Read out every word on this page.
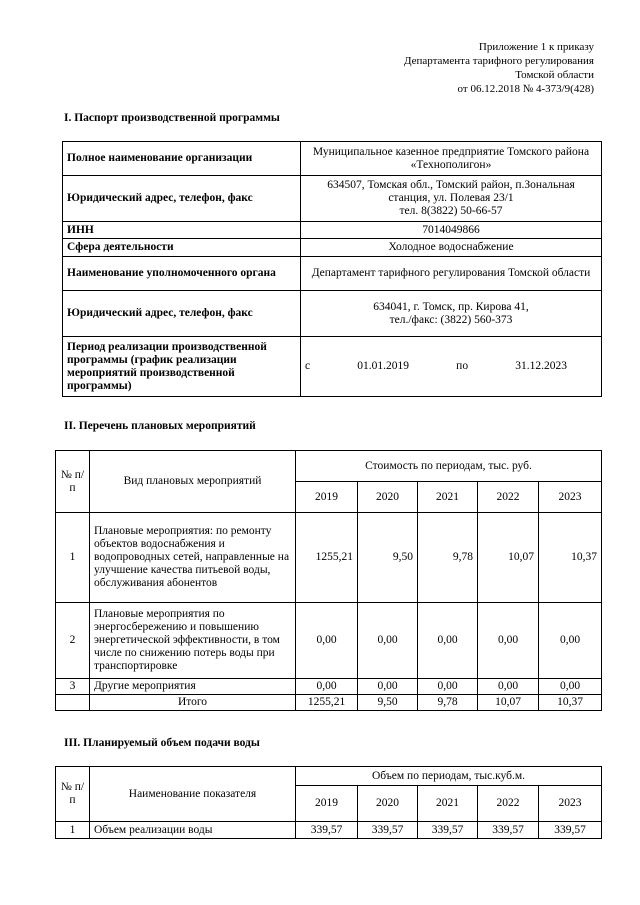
Приложение 1 к приказу
Департамента тарифного регулирования
Томской области
от 06.12.2018 № 4-373/9(428)
I. Паспорт производственной программы
Полное наименование организации	Муниципальное казенное предприятие Томского района «Технополигон»
Юридический адрес, телефон, факс	634507, Томская обл., Томский район, п.Зональная станция, ул. Полевая 23/1
тел. 8(3822) 50-66-57

ИНН	7014049866
Сфера деятельности	Холодное водоснабжение
Наименование уполномоченного органа	Департамент тарифного регулирования Томской области
Юридический адрес, телефон, факс	634041, г. Томск, пр. Кирова 41,
тел./факс: (3822) 560-373

Период реализации производственной программы (график реализации мероприятий производственной программы)	с 01.01.2019 по 31.12.2023
II. Перечень плановых мероприятий
№ п/п	Вид плановых мероприятий	Стоимость по периодам, тыс. руб.				
		2019	2020	2021	2022	2023
1	Плановые мероприятия: по ремонту объектов водоснабжения и водопроводных сетей, направленные на улучшение качества питьевой воды, обслуживания абонентов	1255,21	9,50	9,78	10,07	10,37
2	Плановые мероприятия по энергосбережению и повышению энергетической эффективности, в том числе по снижению потерь воды при транспортировке	0,00	0,00	0,00	0,00	0,00
3	Другие мероприятия	0,00	0,00	0,00	0,00	0,00
	Итого	1255,21	9,50	9,78	10,07	10,37
III. Планируемый объем подачи воды
№ п/п	Наименование показателя	Объем по периодам, тыс.куб.м.				
		2019	2020	2021	2022	2023
1	Объем реализации воды	339,57	339,57	339,57	339,57	339,57
